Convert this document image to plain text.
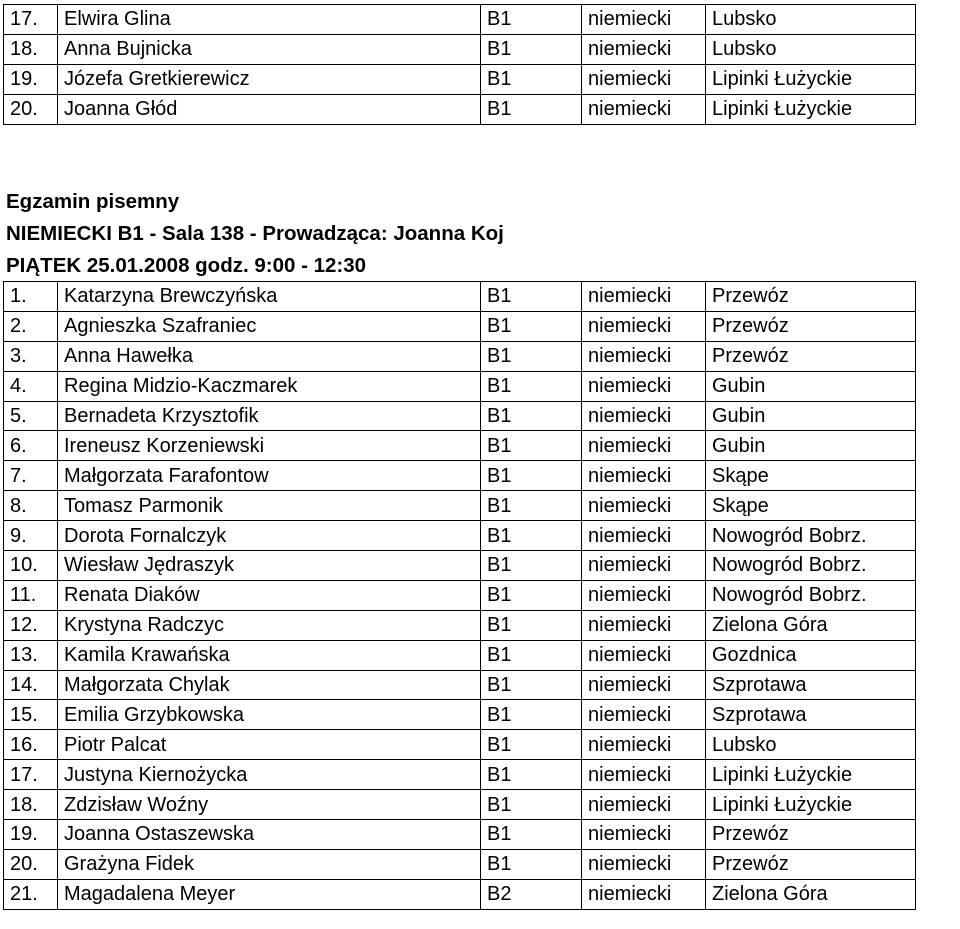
17.	Elwira Glina	B1	niemiecki	Lubsko
18.	Anna Bujnicka	B1	niemiecki	Lubsko
19.	Józefa Gretkierewicz	B1	niemiecki	Lipinki Łużyckie
20.	Joanna Głód	B1	niemiecki	Lipinki Łużyckie
Egzamin pisemny
NIEMIECKI B1 - Sala 138 - Prowadząca: Joanna Koj
PIĄTEK 25.01.2008 godz. 9:00 - 12:30
1.	Katarzyna Brewczyńska	B1	niemiecki	Przewóz
2.	Agnieszka Szafraniec	B1	niemiecki	Przewóz
3.	Anna Hawełka	B1	niemiecki	Przewóz
4.	Regina Midzio-Kaczmarek	B1	niemiecki	Gubin
5.	Bernadeta Krzysztofik	B1	niemiecki	Gubin
6.	Ireneusz Korzeniewski	B1	niemiecki	Gubin
7.	Małgorzata Farafontow	B1	niemiecki	Skąpe
8.	Tomasz Parmonik	B1	niemiecki	Skąpe
9.	Dorota Fornalczyk	B1	niemiecki	Nowogród Bobrz.
10.	Wiesław Jędraszyk	B1	niemiecki	Nowogród Bobrz.
11.	Renata Diaków	B1	niemiecki	Nowogród Bobrz.
12.	Krystyna Radczyc	B1	niemiecki	Zielona Góra
13.	Kamila Krawańska	B1	niemiecki	Gozdnica
14.	Małgorzata Chylak	B1	niemiecki	Szprotawa
15.	Emilia Grzybkowska	B1	niemiecki	Szprotawa
16.	Piotr Palcat	B1	niemiecki	Lubsko
17.	Justyna Kiernożycka	B1	niemiecki	Lipinki Łużyckie
18.	Zdzisław Woźny	B1	niemiecki	Lipinki Łużyckie
19.	Joanna Ostaszewska	B1	niemiecki	Przewóz
20.	Grażyna Fidek	B1	niemiecki	Przewóz
21.	Magadalena Meyer	B2	niemiecki	Zielona Góra
